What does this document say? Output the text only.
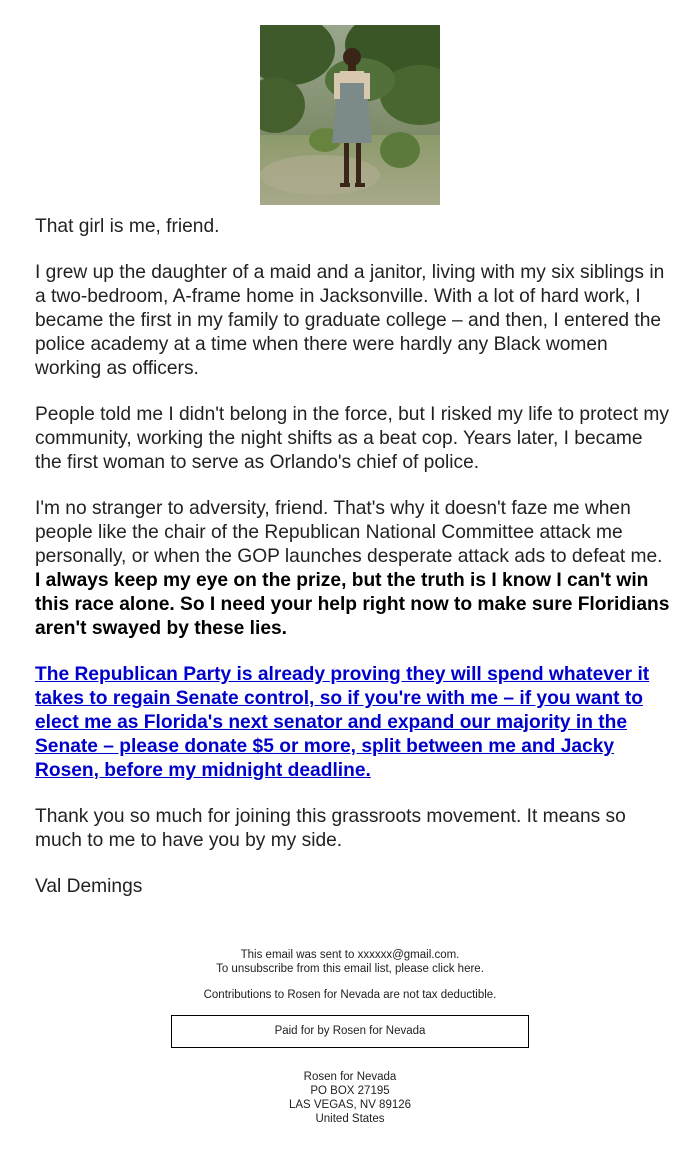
That girl is me, friend.

I grew up the daughter of a maid and a janitor, living with my six siblings in a two-bedroom, A-frame home in Jacksonville. With a lot of hard work, I became the first in my family to graduate college – and then, I entered the police academy at a time when there were hardly any Black women working as officers.

People told me I didn't belong in the force, but I risked my life to protect my community, working the night shifts as a beat cop. Years later, I became the first woman to serve as Orlando's chief of police.

I'm no stranger to adversity, friend. That's why it doesn't faze me when people like the chair of the Republican National Committee attack me personally, or when the GOP launches desperate attack ads to defeat me. I always keep my eye on the prize, but the truth is I know I can't win this race alone. So I need your help right now to make sure Floridians aren't swayed by these lies.

The Republican Party is already proving they will spend whatever it takes to regain Senate control, so if you're with me – if you want to elect me as Florida's next senator and expand our majority in the Senate – please donate $5 or more, split between me and Jacky Rosen, before my midnight deadline.

Thank you so much for joining this grassroots movement. It means so much to me to have you by my side.

Val Demings

This email was sent to xxxxxx@gmail.com.

To unsubscribe from this email list, please click here.

Contributions to Rosen for Nevada are not tax deductible.

Paid for by Rosen for Nevada

Rosen for Nevada

PO BOX 27195

LAS VEGAS, NV 89126

United States
